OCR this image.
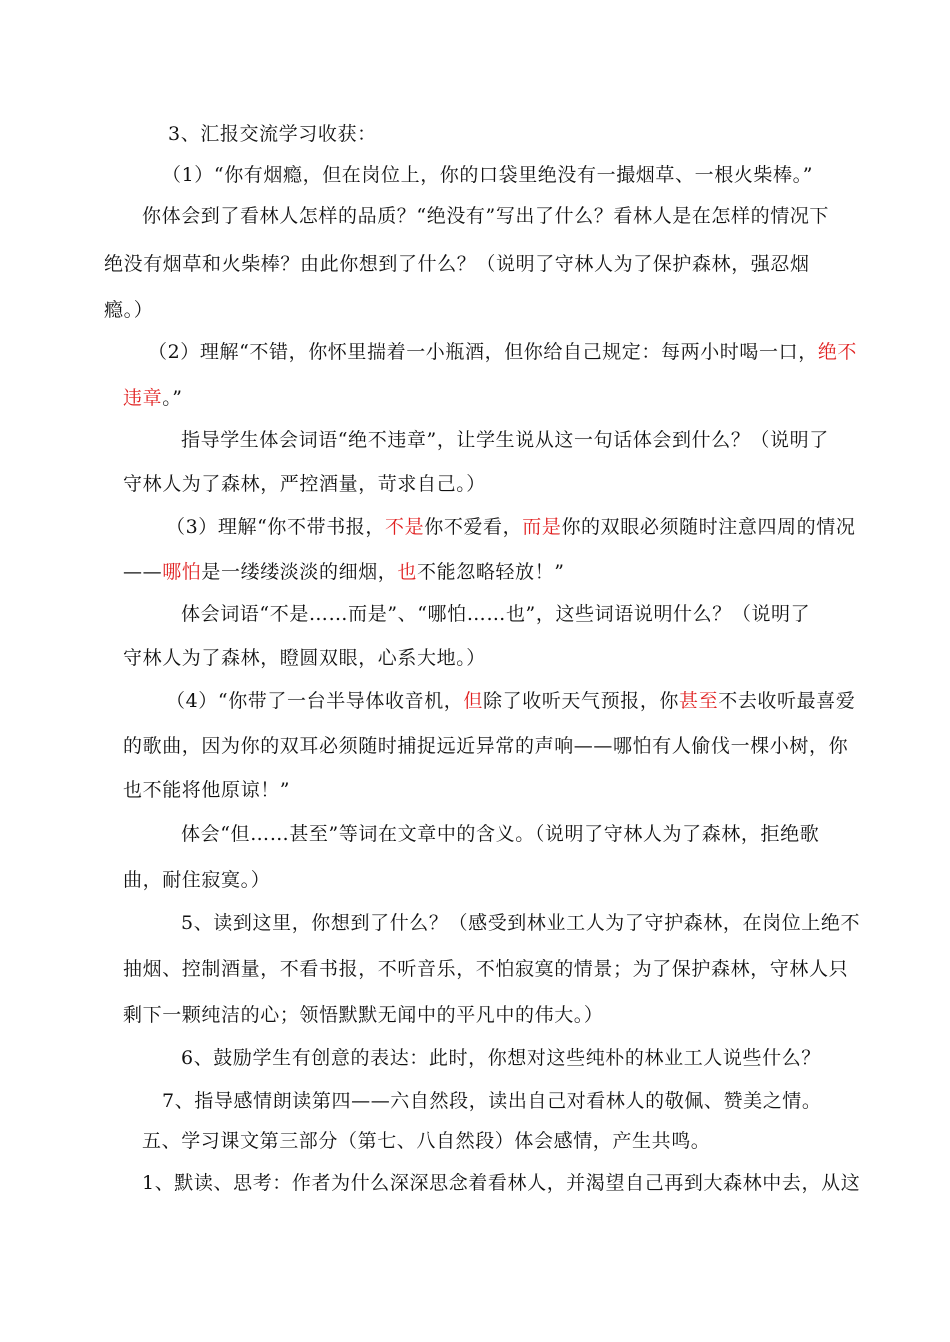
3、汇报交流学习收获：
（1）“你有烟瘾，但在岗位上，你的口袋里绝没有一撮烟草、一根火柴棒。”
你体会到了看林人怎样的品质？“绝没有”写出了什么？看林人是在怎样的情况下
绝没有烟草和火柴棒？由此你想到了什么？（说明了守林人为了保护森林，强忍烟
瘾。）
（2）理解“不错，你怀里揣着一小瓶酒，但你给自己规定：每两小时喝一口，绝不
违章。”
指导学生体会词语“绝不违章”，让学生说从这一句话体会到什么？（说明了
守林人为了森林，严控酒量，苛求自己。）
（3）理解“你不带书报，不是你不爱看，而是你的双眼必须随时注意四周的情况
——哪怕是一缕缕淡淡的细烟，也不能忽略轻放！”
体会词语“不是……而是”、“哪怕……也”，这些词语说明什么？（说明了
守林人为了森林，瞪圆双眼，心系大地。）
（4）“你带了一台半导体收音机，但除了收听天气预报，你甚至不去收听最喜爱
的歌曲，因为你的双耳必须随时捕捉远近异常的声响——哪怕有人偷伐一棵小树，你
也不能将他原谅！”
体会“但……甚至”等词在文章中的含义。（说明了守林人为了森林，拒绝歌
曲，耐住寂寞。）
5、读到这里，你想到了什么？（感受到林业工人为了守护森林，在岗位上绝不
抽烟、控制酒量，不看书报，不听音乐，不怕寂寞的情景；为了保护森林，守林人只
剩下一颗纯洁的心；领悟默默无闻中的平凡中的伟大。）
6、鼓励学生有创意的表达：此时，你想对这些纯朴的林业工人说些什么？
7、指导感情朗读第四——六自然段，读出自己对看林人的敬佩、赞美之情。
五、学习课文第三部分（第七、八自然段）体会感情，产生共鸣。
1、默读、思考：作者为什么深深思念着看林人，并渴望自己再到大森林中去，从这
